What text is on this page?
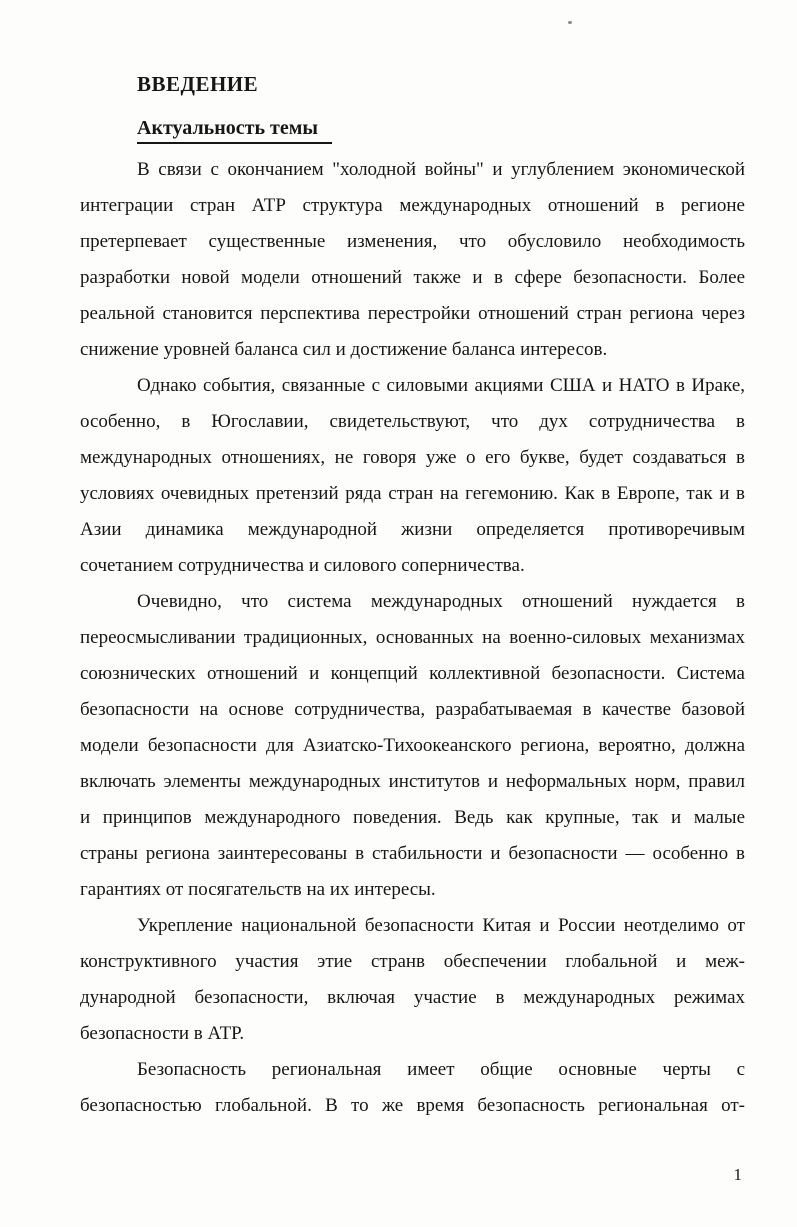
ВВЕДЕНИЕ
Актуальность темы
В связи с окончанием "холодной войны" и углублением экономической
интеграции стран АТР структура международных отношений в регионе
претерпевает существенные изменения, что обусловило необходимость
разработки новой модели отношений также и в сфере безопасности. Более
реальной становится перспектива перестройки отношений стран региона через
снижение уровней баланса сил и достижение баланса интересов.
Однако события, связанные с силовыми акциями США и НАТО в Ираке,
особенно, в Югославии, свидетельствуют, что дух сотрудничества в
международных отношениях, не говоря уже о его букве, будет создаваться в
условиях очевидных претензий ряда стран на гегемонию. Как в Европе, так и в
Азии динамика международной жизни определяется противоречивым
сочетанием сотрудничества и силового соперничества.
Очевидно, что система международных отношений нуждается в
переосмысливании традиционных, основанных на военно-силовых механизмах
союзнических отношений и концепций коллективной безопасности. Система
безопасности на основе сотрудничества, разрабатываемая в качестве базовой
модели безопасности для Азиатско-Тихоокеанского региона, вероятно, должна
включать элементы международных институтов и неформальных норм, правил
и принципов международного поведения. Ведь как крупные, так и малые
страны региона заинтересованы в стабильности и безопасности — особенно в
гарантиях от посягательств на их интересы.
Укрепление национальной безопасности Китая и России неотделимо от
конструктивного участия этие странв обеспечении глобальной и меж-
дународной безопасности, включая участие в международных режимах
безопасности в АТР.
Безопасность региональная имеет общие основные черты с
безопасностью глобальной. В то же время безопасность региональная от-
1
